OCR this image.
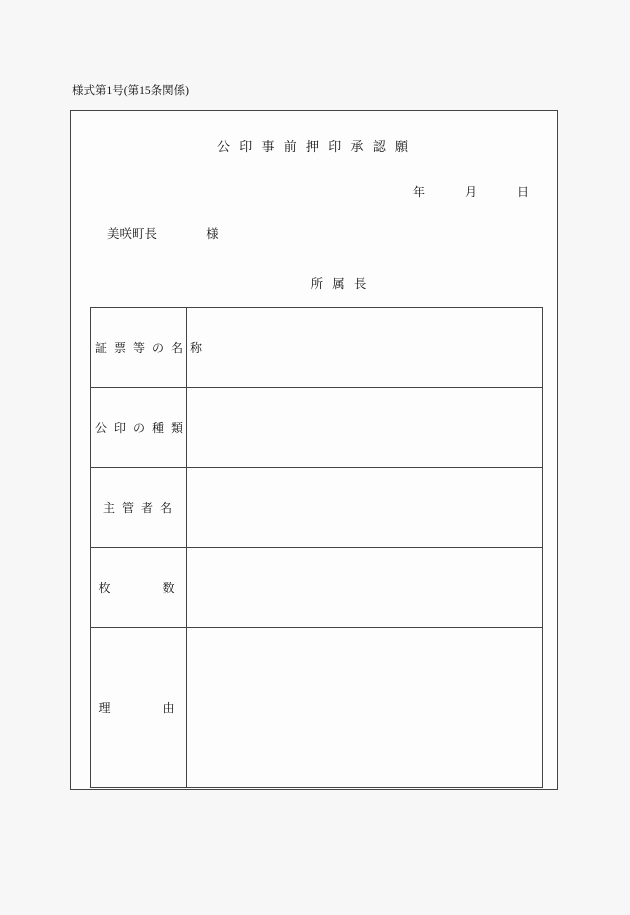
様式第1号(第15条関係)
公 印 事 前 押 印 承 認 願
年	月	日
美咲町長	様
所 属 長
証 票 等 の 名 称	

公 印 の 種 類	

主 管 者 名	

枚　　　数	

理　　　由	
